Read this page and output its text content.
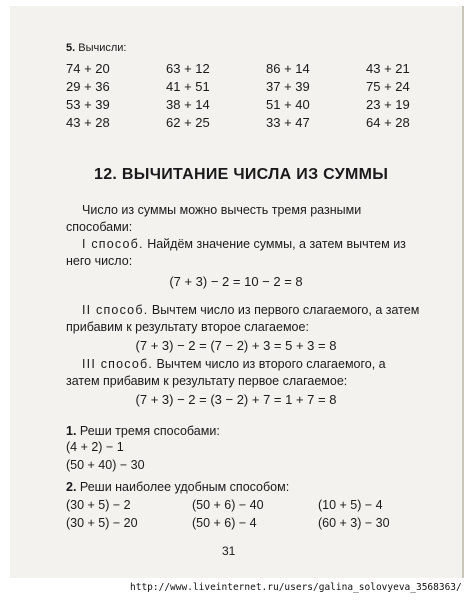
5. Вычисли:
74 + 20	63 + 12	86 + 14	43 + 21
29 + 36	41 + 51	37 + 39	75 + 24
53 + 39	38 + 14	51 + 40	23 + 19
43 + 28	62 + 25	33 + 47	64 + 28
12. ВЫЧИТАНИЕ ЧИСЛА ИЗ СУММЫ
Число из суммы можно вычесть тремя разными способами:
I способ. Найдём значение суммы, а затем вычтем из него число:
(7 + 3) − 2 = 10 − 2 = 8
II способ. Вычтем число из первого слагаемого, а затем прибавим к результату второе слагаемое:
(7 + 3) − 2 = (7 − 2) + 3 = 5 + 3 = 8
III способ. Вычтем число из второго слагаемого, а затем прибавим к результату первое слагаемое:
(7 + 3) − 2 = (3 − 2) + 7 = 1 + 7 = 8
1. Реши тремя способами:
(4 + 2) − 1
(50 + 40) − 30
2. Реши наиболее удобным способом:
(30 + 5) − 2	(50 + 6) − 40	(10 + 5) − 4
(30 + 5) − 20	(50 + 6) − 4	(60 + 3) − 30
31
http://www.liveinternet.ru/users/galina_solovyeva_3568363/
